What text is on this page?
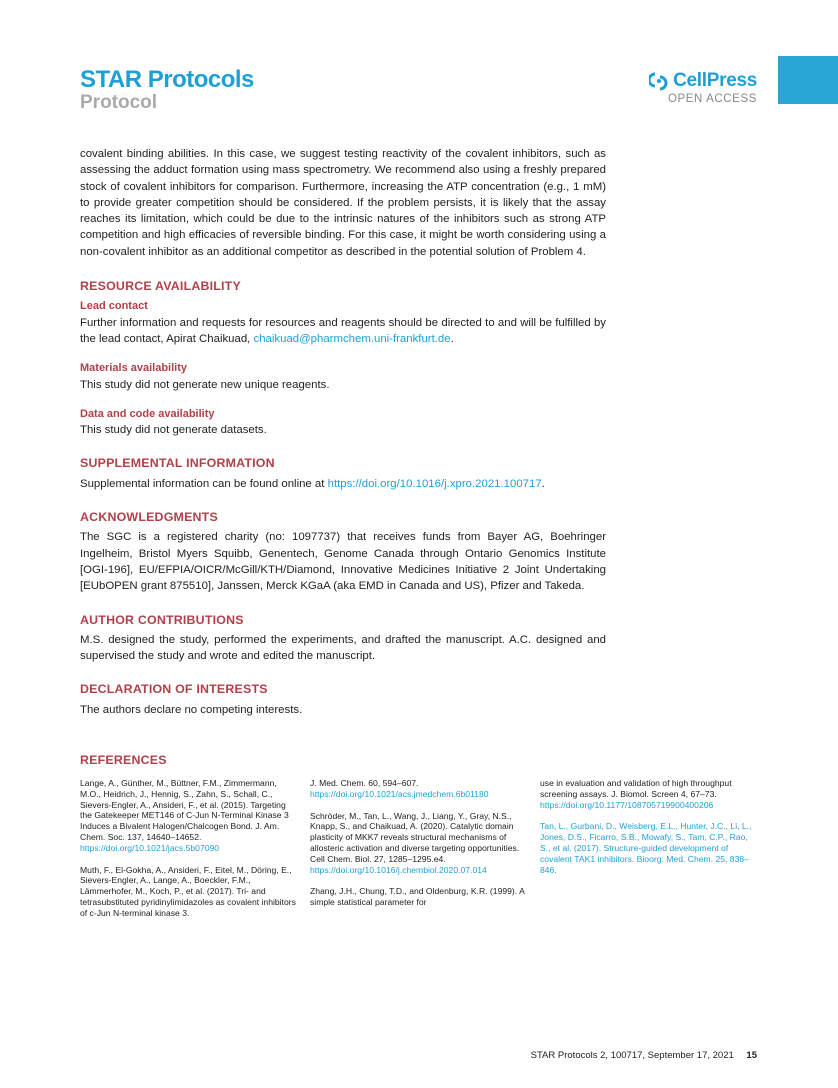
STAR Protocols
Protocol
CellPress
OPEN ACCESS

covalent binding abilities. In this case, we suggest testing reactivity of the covalent inhibitors, such as assessing the adduct formation using mass spectrometry. We recommend also using a freshly prepared stock of covalent inhibitors for comparison. Furthermore, increasing the ATP concentration (e.g., 1 mM) to provide greater competition should be considered. If the problem persists, it is likely that the assay reaches its limitation, which could be due to the intrinsic natures of the inhibitors such as strong ATP competition and high efficacies of reversible binding. For this case, it might be worth considering using a non-covalent inhibitor as an additional competitor as described in the potential solution of Problem 4.

RESOURCE AVAILABILITY
Lead contact

Further information and requests for resources and reagents should be directed to and will be fulfilled by the lead contact, Apirat Chaikuad, chaikuad@pharmchem.uni-frankfurt.de.

Materials availability

This study did not generate new unique reagents.

Data and code availability

This study did not generate datasets.

SUPPLEMENTAL INFORMATION

Supplemental information can be found online at https://doi.org/10.1016/j.xpro.2021.100717.

ACKNOWLEDGMENTS

The SGC is a registered charity (no: 1097737) that receives funds from Bayer AG, Boehringer Ingelheim, Bristol Myers Squibb, Genentech, Genome Canada through Ontario Genomics Institute [OGI-196], EU/EFPIA/OICR/McGill/KTH/Diamond, Innovative Medicines Initiative 2 Joint Undertaking [EUbOPEN grant 875510], Janssen, Merck KGaA (aka EMD in Canada and US), Pfizer and Takeda.

AUTHOR CONTRIBUTIONS

M.S. designed the study, performed the experiments, and drafted the manuscript. A.C. designed and supervised the study and wrote and edited the manuscript.

DECLARATION OF INTERESTS

The authors declare no competing interests.

REFERENCES

Lange, A., Günther, M., Büttner, F.M., Zimmermann, M.O., Heidrich, J., Hennig, S., Zahn, S., Schall, C., Sievers-Engler, A., Ansideri, F., et al. (2015). Targeting the Gatekeeper MET146 of C-Jun N-Terminal Kinase 3 Induces a Bivalent Halogen/Chalcogen Bond. J. Am. Chem. Soc. 137, 14640–14652. https://doi.org/10.1021/jacs.5b07090

Muth, F., El-Gokha, A., Ansideri, F., Eitel, M., Döring, E., Sievers-Engler, A., Lange, A., Boeckler, F.M., Lämmerhofer, M., Koch, P., et al. (2017). Tri- and tetrasubstituted pyridinylimidazoles as covalent inhibitors of c-Jun N-terminal kinase 3.

J. Med. Chem. 60, 594–607. https://doi.org/10.1021/acs.jmedchem.6b01180

Schröder, M., Tan, L., Wang, J., Liang, Y., Gray, N.S., Knapp, S., and Chaikuad, A. (2020). Catalytic domain plasticity of MKK7 reveals structural mechanisms of allosteric activation and diverse targeting opportunities. Cell Chem. Biol. 27, 1285–1295.e4. https://doi.org/10.1016/j.chembiol.2020.07.014

Zhang, J.H., Chung, T.D., and Oldenburg, K.R. (1999). A simple statistical parameter for

use in evaluation and validation of high throughput screening assays. J. Biomol. Screen 4, 67–73. https://doi.org/10.1177/108705719900400206

Tan, L., Gurbani, D., Weisberg, E.L., Hunter, J.C., Li, L., Jones, D.S., Ficarro, S.B., Mowafy, S., Tam, C.P., Rao, S., et al. (2017). Structure-guided development of covalent TAK1 inhibitors. Bioorg. Med. Chem. 25, 838–846.

STAR Protocols 2, 100717, September 17, 2021 15
